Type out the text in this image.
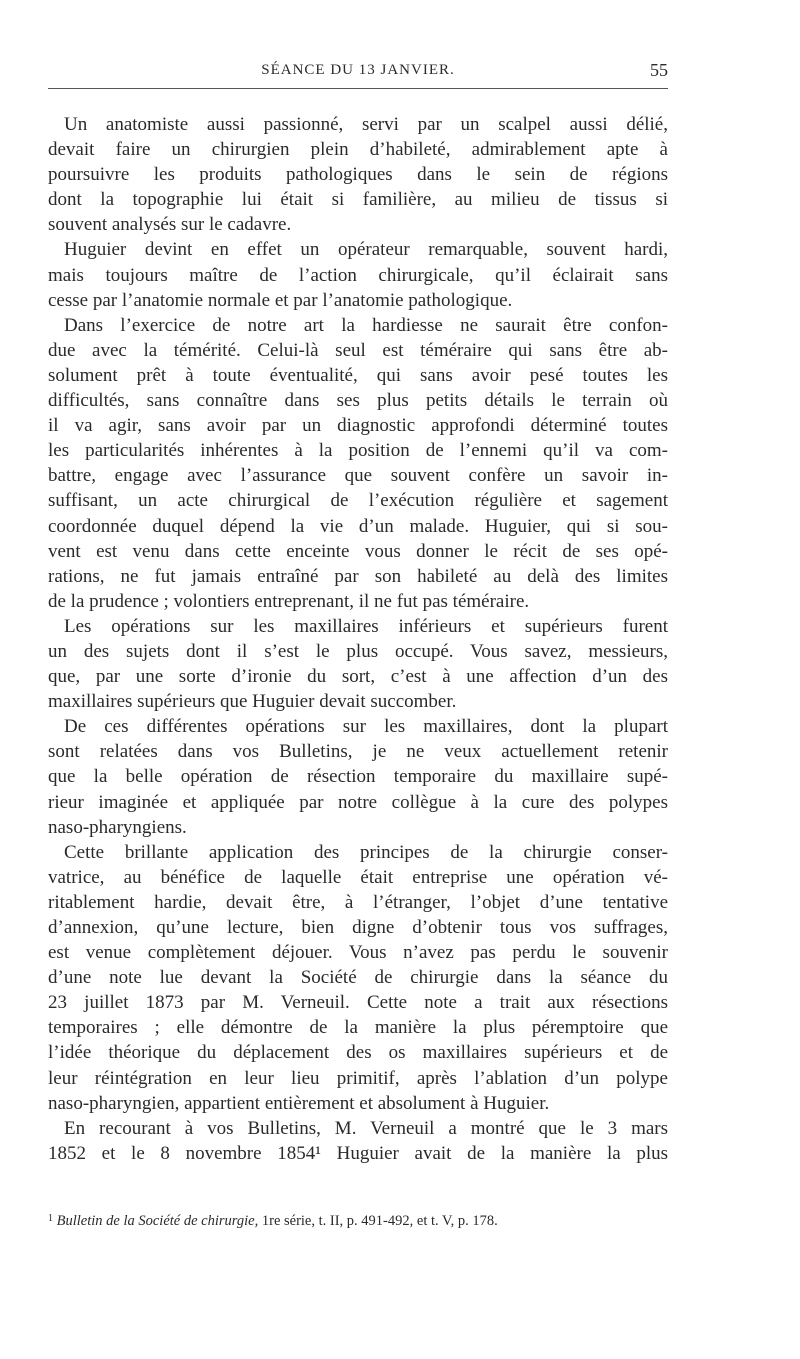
SÉANCE DU 13 JANVIER.	55
Un anatomiste aussi passionné, servi par un scalpel aussi délié,
devait faire un chirurgien plein d’habileté, admirablement apte à
poursuivre les produits pathologiques dans le sein de régions
dont la topographie lui était si familière, au milieu de tissus si
souvent analysés sur le cadavre.
Huguier devint en effet un opérateur remarquable, souvent hardi,
mais toujours maître de l’action chirurgicale, qu’il éclairait sans
cesse par l’anatomie normale et par l’anatomie pathologique.
Dans l’exercice de notre art la hardiesse ne saurait être confon-
due avec la témérité. Celui-là seul est téméraire qui sans être ab-
solument prêt à toute éventualité, qui sans avoir pesé toutes les
difficultés, sans connaître dans ses plus petits détails le terrain où
il va agir, sans avoir par un diagnostic approfondi déterminé toutes
les particularités inhérentes à la position de l’ennemi qu’il va com-
battre, engage avec l’assurance que souvent confère un savoir in-
suffisant, un acte chirurgical de l’exécution régulière et sagement
coordonnée duquel dépend la vie d’un malade. Huguier, qui si sou-
vent est venu dans cette enceinte vous donner le récit de ses opé-
rations, ne fut jamais entraîné par son habileté au delà des limites
de la prudence ; volontiers entreprenant, il ne fut pas téméraire.
Les opérations sur les maxillaires inférieurs et supérieurs furent
un des sujets dont il s’est le plus occupé. Vous savez, messieurs,
que, par une sorte d’ironie du sort, c’est à une affection d’un des
maxillaires supérieurs que Huguier devait succomber.
De ces différentes opérations sur les maxillaires, dont la plupart
sont relatées dans vos Bulletins, je ne veux actuellement retenir
que la belle opération de résection temporaire du maxillaire supé-
rieur imaginée et appliquée par notre collègue à la cure des polypes
naso-pharyngiens.
Cette brillante application des principes de la chirurgie conser-
vatrice, au bénéfice de laquelle était entreprise une opération vé-
ritablement hardie, devait être, à l’étranger, l’objet d’une tentative
d’annexion, qu’une lecture, bien digne d’obtenir tous vos suffrages,
est venue complètement déjouer. Vous n’avez pas perdu le souvenir
d’une note lue devant la Société de chirurgie dans la séance du
23 juillet 1873 par M. Verneuil. Cette note a trait aux résections
temporaires ; elle démontre de la manière la plus péremptoire que
l’idée théorique du déplacement des os maxillaires supérieurs et de
leur réintégration en leur lieu primitif, après l’ablation d’un polype
naso-pharyngien, appartient entièrement et absolument à Huguier.
En recourant à vos Bulletins, M. Verneuil a montré que le 3 mars
1852 et le 8 novembre 1854¹ Huguier avait de la manière la plus
$^1$ Bulletin de la Société de chirurgie, 1re série, t. II, p. 491-492, et t. V, p. 178.
